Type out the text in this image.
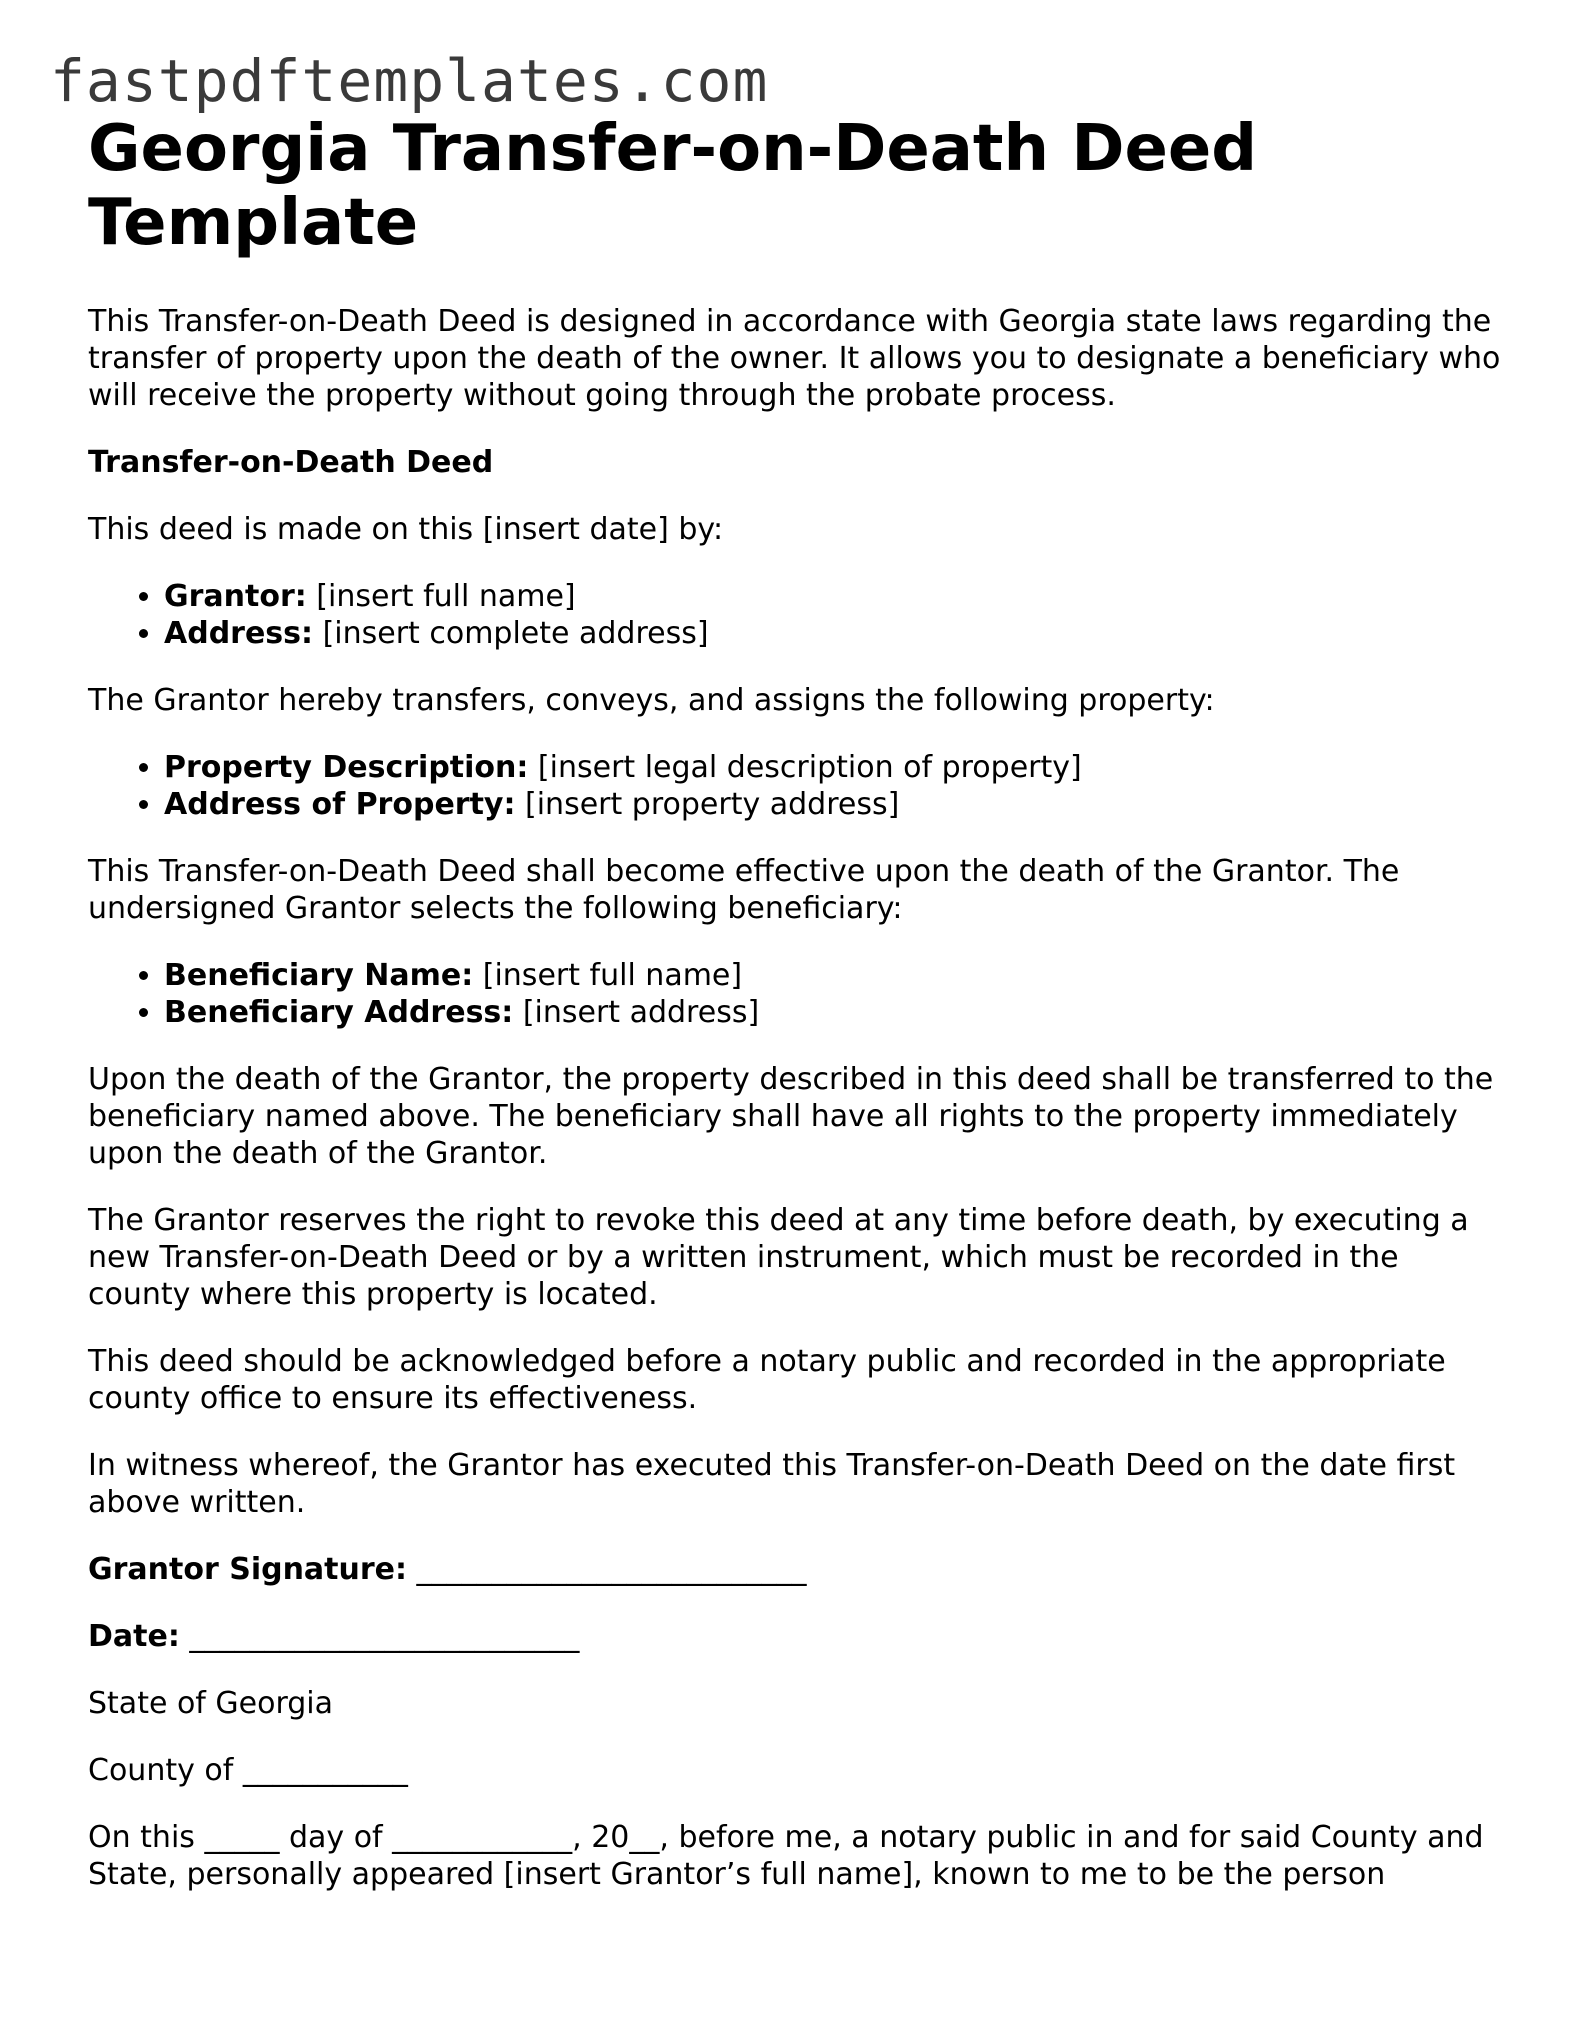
fastpdftemplates.com
Georgia Transfer-on-Death Deed Template

This Transfer-on-Death Deed is designed in accordance with Georgia state laws regarding the transfer of property upon the death of the owner. It allows you to designate a beneficiary who will receive the property without going through the probate process.

Transfer-on-Death Deed

This deed is made on this [insert date] by:

• Grantor: [insert full name]
• Address: [insert complete address]

The Grantor hereby transfers, conveys, and assigns the following property:

• Property Description: [insert legal description of property]
• Address of Property: [insert property address]

This Transfer-on-Death Deed shall become effective upon the death of the Grantor. The undersigned Grantor selects the following beneficiary:

• Beneficiary Name: [insert full name]
• Beneficiary Address: [insert address]

Upon the death of the Grantor, the property described in this deed shall be transferred to the beneficiary named above. The beneficiary shall have all rights to the property immediately upon the death of the Grantor.

The Grantor reserves the right to revoke this deed at any time before death, by executing a new Transfer-on-Death Deed or by a written instrument, which must be recorded in the county where this property is located.

This deed should be acknowledged before a notary public and recorded in the appropriate county office to ensure its effectiveness.

In witness whereof, the Grantor has executed this Transfer-on-Death Deed on the date first above written.

Grantor Signature: __________________________

Date: __________________________

State of Georgia

County of ___________

On this _____ day of ____________, 20__, before me, a notary public in and for said County and State, personally appeared [insert Grantor’s full name], known to me to be the person
